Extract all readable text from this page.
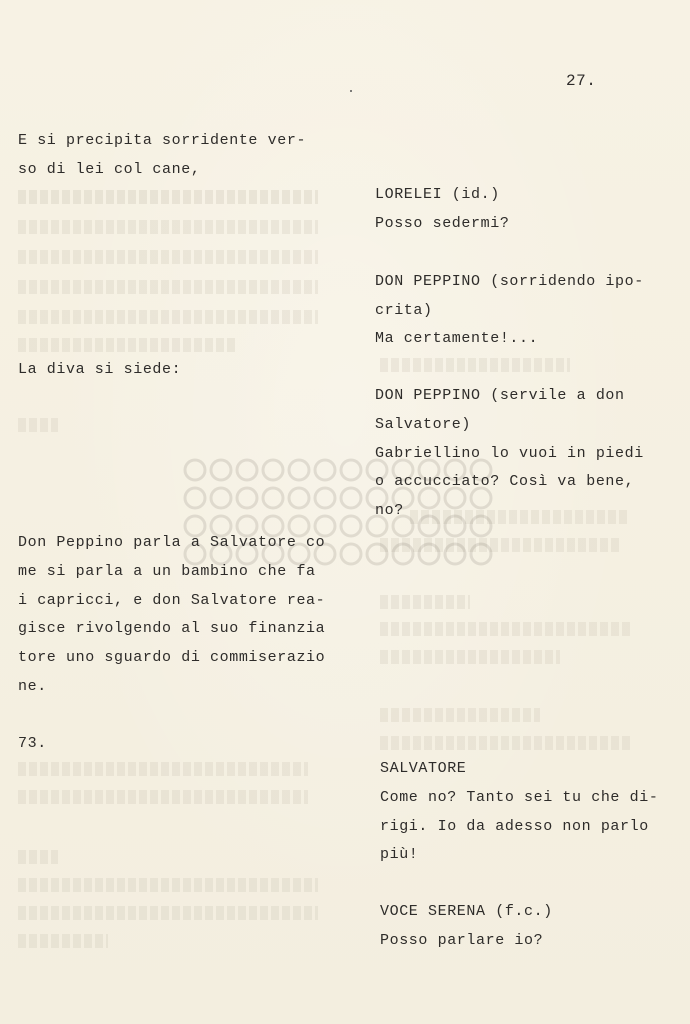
27.
E si precipita sorridente ver-
so di lei col cane,
La diva si siede:
Don Peppino parla a Salvatore co
me si parla a un bambino che fa
i capricci, e don Salvatore rea-
gisce rivolgendo al suo finanzia
tore uno sguardo di commiserazio
ne.
73.
LORELEI (id.)
Posso sedermi?
DON PEPPINO (sorridendo ipo-
crita)
Ma certamente!...
DON PEPPINO (servile a don
Salvatore)
Gabriellino lo vuoi in piedi
o accucciato? Così va bene,
no?
SALVATORE
Come no? Tanto sei tu che di-
rigi. Io da adesso non parlo
più!
VOCE SERENA (f.c.)
Posso parlare io?
